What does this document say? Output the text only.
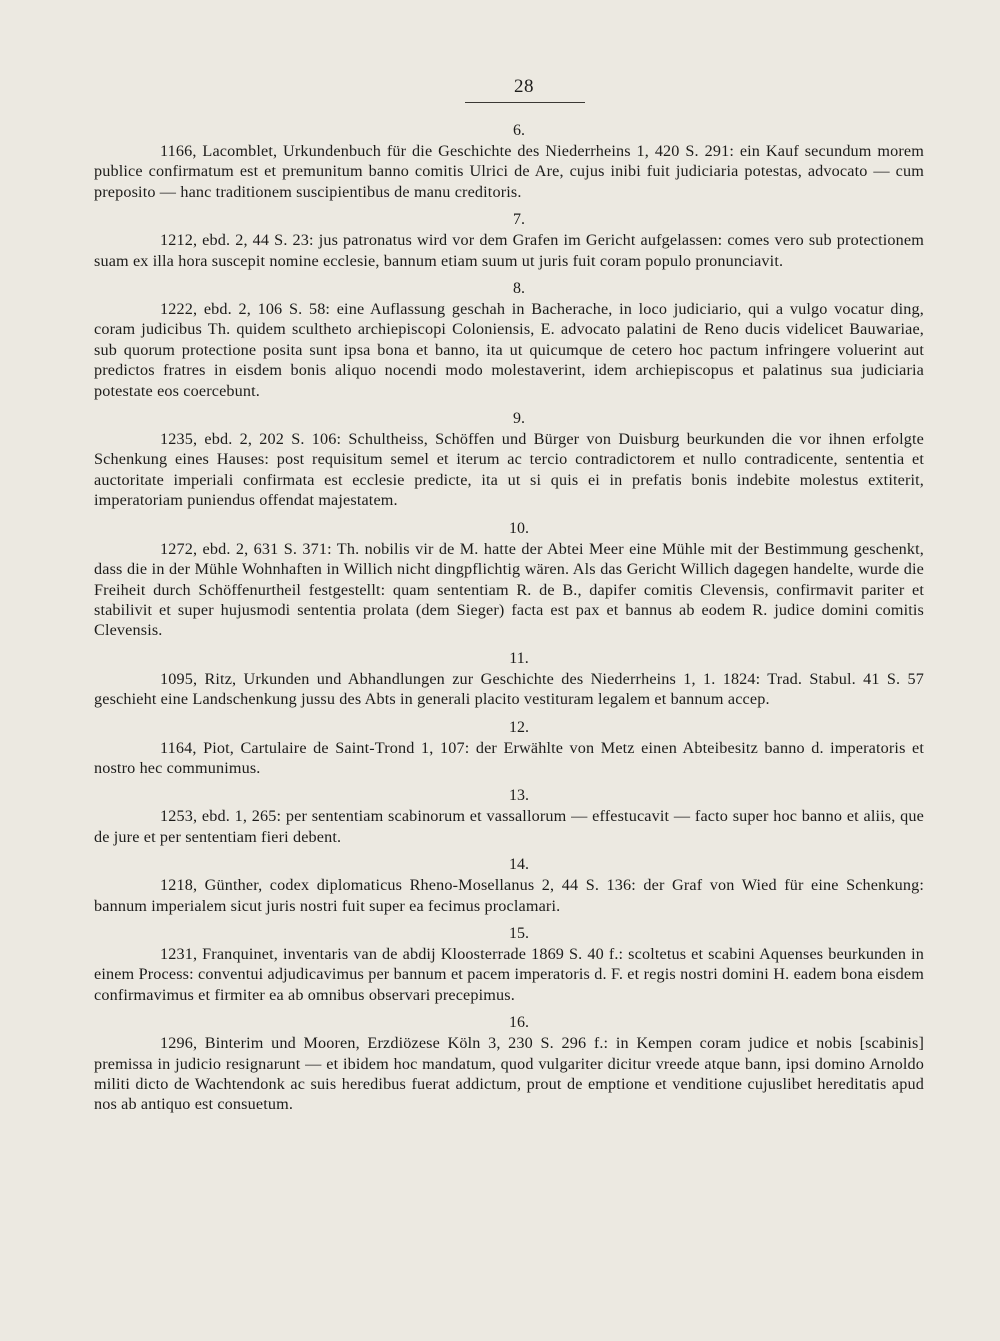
28

6.

1166, Lacomblet, Urkundenbuch für die Geschichte des Niederrheins 1, 420 S. 291: ein Kauf secundum morem publice confirmatum est et premunitum banno comitis Ulrici de Are, cujus inibi fuit judiciaria potestas, advocato — cum preposito — hanc traditionem suscipientibus de manu creditoris.

7.

1212, ebd. 2, 44 S. 23: jus patronatus wird vor dem Grafen im Gericht aufgelassen: comes vero sub protectionem suam ex illa hora suscepit nomine ecclesie, bannum etiam suum ut juris fuit coram populo pronunciavit.

8.

1222, ebd. 2, 106 S. 58: eine Auflassung geschah in Bacherache, in loco judiciario, qui a vulgo vocatur ding, coram judicibus Th. quidem scultheto archiepiscopi Coloniensis, E. advocato palatini de Reno ducis videlicet Bauwariae, sub quorum protectione posita sunt ipsa bona et banno, ita ut quicumque de cetero hoc pactum infringere voluerint aut predictos fratres in eisdem bonis aliquo nocendi modo molestaverint, idem archiepiscopus et palatinus sua judiciaria potestate eos coercebunt.

9.

1235, ebd. 2, 202 S. 106: Schultheiss, Schöffen und Bürger von Duisburg beurkunden die vor ihnen erfolgte Schenkung eines Hauses: post requisitum semel et iterum ac tercio contradictorem et nullo contradicente, sententia et auctoritate imperiali confirmata est ecclesie predicte, ita ut si quis ei in prefatis bonis indebite molestus extiterit, imperatoriam puniendus offendat majestatem.

10.

1272, ebd. 2, 631 S. 371: Th. nobilis vir de M. hatte der Abtei Meer eine Mühle mit der Bestimmung geschenkt, dass die in der Mühle Wohnhaften in Willich nicht dingpflichtig wären. Als das Gericht Willich dagegen handelte, wurde die Freiheit durch Schöffenurtheil festgestellt: quam sententiam R. de B., dapifer comitis Clevensis, confirmavit pariter et stabilivit et super hujusmodi sententia prolata (dem Sieger) facta est pax et bannus ab eodem R. judice domini comitis Clevensis.

11.

1095, Ritz, Urkunden und Abhandlungen zur Geschichte des Niederrheins 1, 1. 1824: Trad. Stabul. 41 S. 57 geschieht eine Landschenkung jussu des Abts in generali placito vestituram legalem et bannum accep.

12.

1164, Piot, Cartulaire de Saint-Trond 1, 107: der Erwählte von Metz einen Abteibesitz banno d. imperatoris et nostro hec communimus.

13.

1253, ebd. 1, 265: per sententiam scabinorum et vassallorum — effestucavit — facto super hoc banno et aliis, que de jure et per sententiam fieri debent.

14.

1218, Günther, codex diplomaticus Rheno-Mosellanus 2, 44 S. 136: der Graf von Wied für eine Schenkung: bannum imperialem sicut juris nostri fuit super ea fecimus proclamari.

15.

1231, Franquinet, inventaris van de abdij Kloosterrade 1869 S. 40 f.: scoltetus et scabini Aquenses beurkunden in einem Process: conventui adjudicavimus per bannum et pacem imperatoris d. F. et regis nostri domini H. eadem bona eisdem confirmavimus et firmiter ea ab omnibus observari precepimus.

16.

1296, Binterim und Mooren, Erzdiözese Köln 3, 230 S. 296 f.: in Kempen coram judice et nobis [scabinis] premissa in judicio resignarunt — et ibidem hoc mandatum, quod vulgariter dicitur vreede atque bann, ipsi domino Arnoldo militi dicto de Wachtendonk ac suis heredibus fuerat addictum, prout de emptione et venditione cujuslibet hereditatis apud nos ab antiquo est consuetum.
